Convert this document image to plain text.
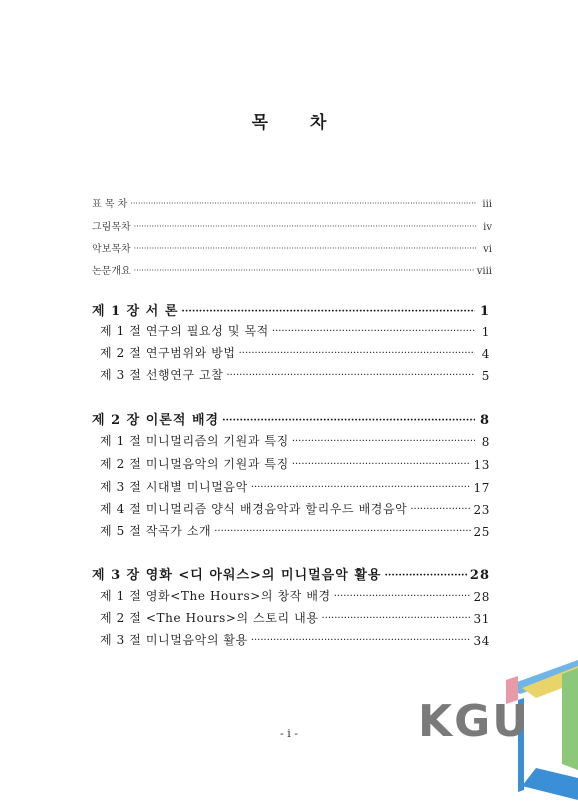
목 차
표 목 차 ·····	iii
그림목차 ·····	iv
악보목차 ·····	vi
논문개요 ·····	viii
제 1 장 서 론 ·····	1
제 1 절 연구의 필요성 및 목적 ·····	1
제 2 절 연구범위와 방법 ·····	4
제 3 절 선행연구 고찰 ·····	5
제 2 장 이론적 배경 ·····	8
제 1 절 미니멀리즘의 기원과 특징 ·····	8
제 2 절 미니멀음악의 기원과 특징 ·····	13
제 3 절 시대별 미니멀음악 ·····	17
제 4 절 미니멀리즘 양식 배경음악과 할리우드 배경음악 ·····	23
제 5 절 작곡가 소개 ·····	25
제 3 장 영화 <디 아워스>의 미니멀음악 활용 ·····	28
제 1 절 영화<The Hours>의 창작 배경 ·····	28
제 2 절 <The Hours>의 스토리 내용 ·····	31
제 3 절 미니멀음악의 활용 ·····	34
- i -	KGU
